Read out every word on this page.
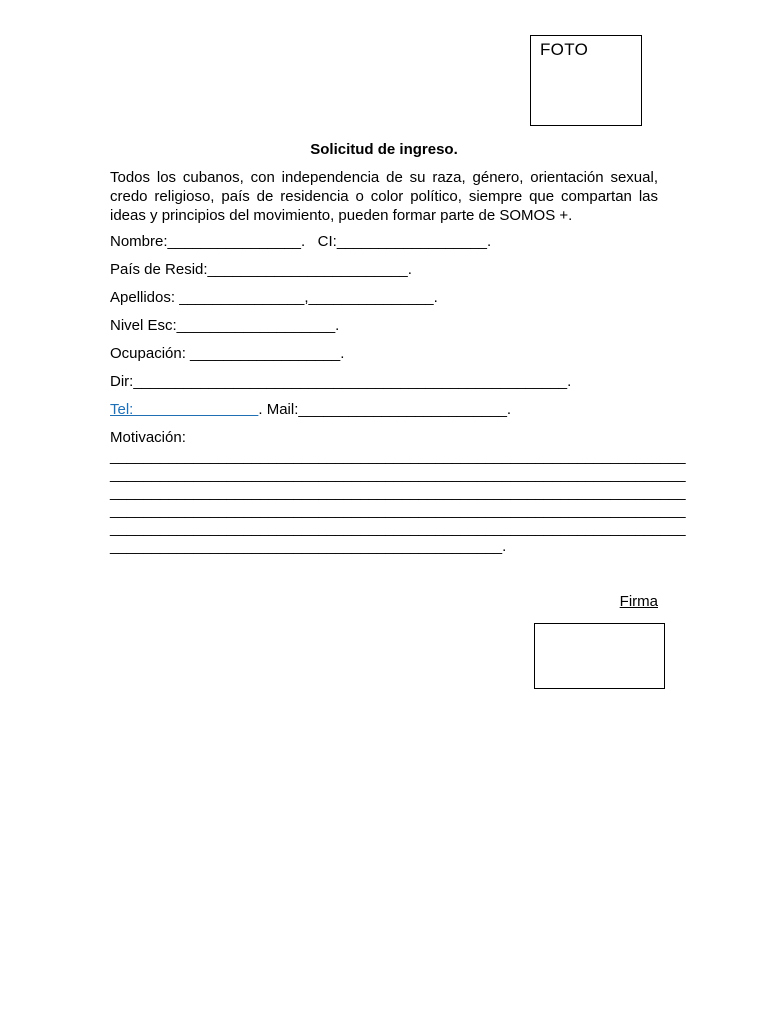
FOTO
Solicitud de ingreso.
Todos los cubanos, con independencia de su raza, género, orientación sexual, credo religioso, país de residencia o color político, siempre que compartan las ideas y principios del movimiento, pueden formar parte de SOMOS +.
Nombre:________________.   CI:__________________.
País de Resid:________________________.
Apellidos: _______________,_______________.
Nivel Esc:___________________.
Ocupación: __________________.
Dir:____________________________________________________.
Tel:                              . Mail:_________________________.
Motivación:
_____________________________________________________________________
_____________________________________________________________________
_____________________________________________________________________
_____________________________________________________________________
_____________________________________________________________________
_______________________________________________.
Firma
